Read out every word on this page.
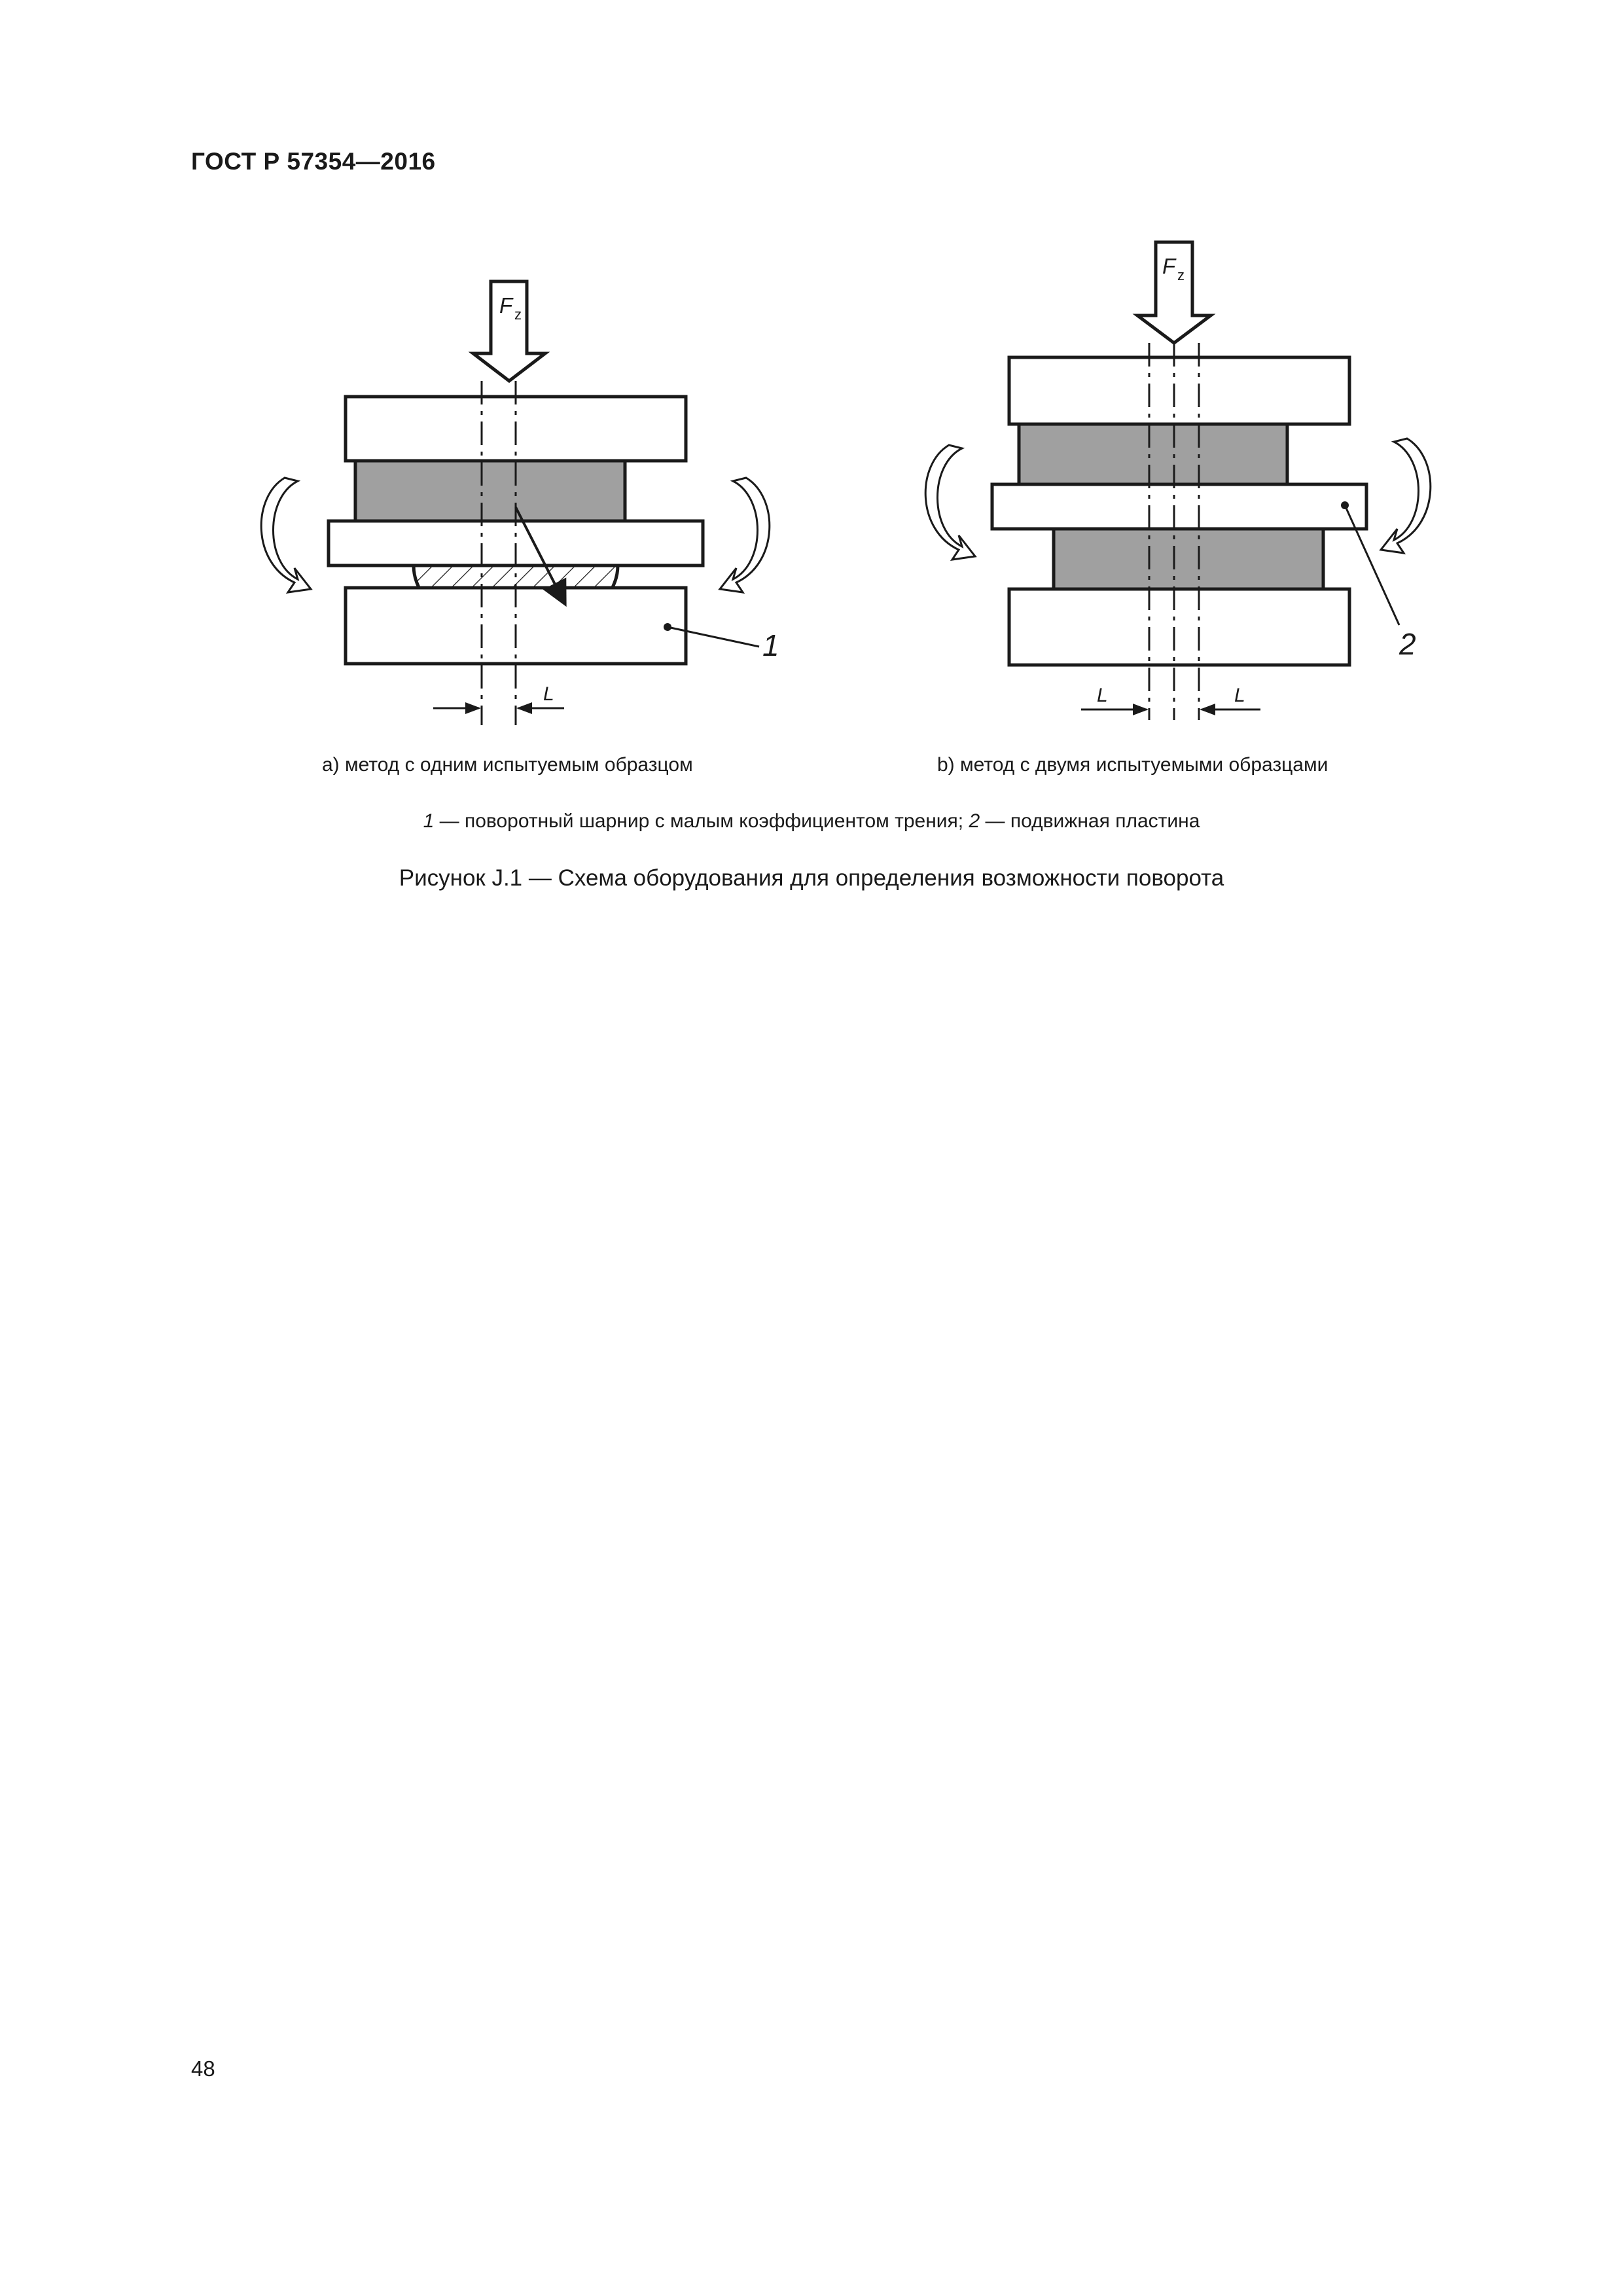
ГОСТ Р 57354—2016
F z
F z
L	L	L
1	2
a) метод с одним испытуемым образцом	b) метод с двумя испытуемыми образцами
1 — поворотный шарнир с малым коэффициентом трения; 2 — подвижная пластина
Рисунок J.1 — Схема оборудования для определения возможности поворота
48
